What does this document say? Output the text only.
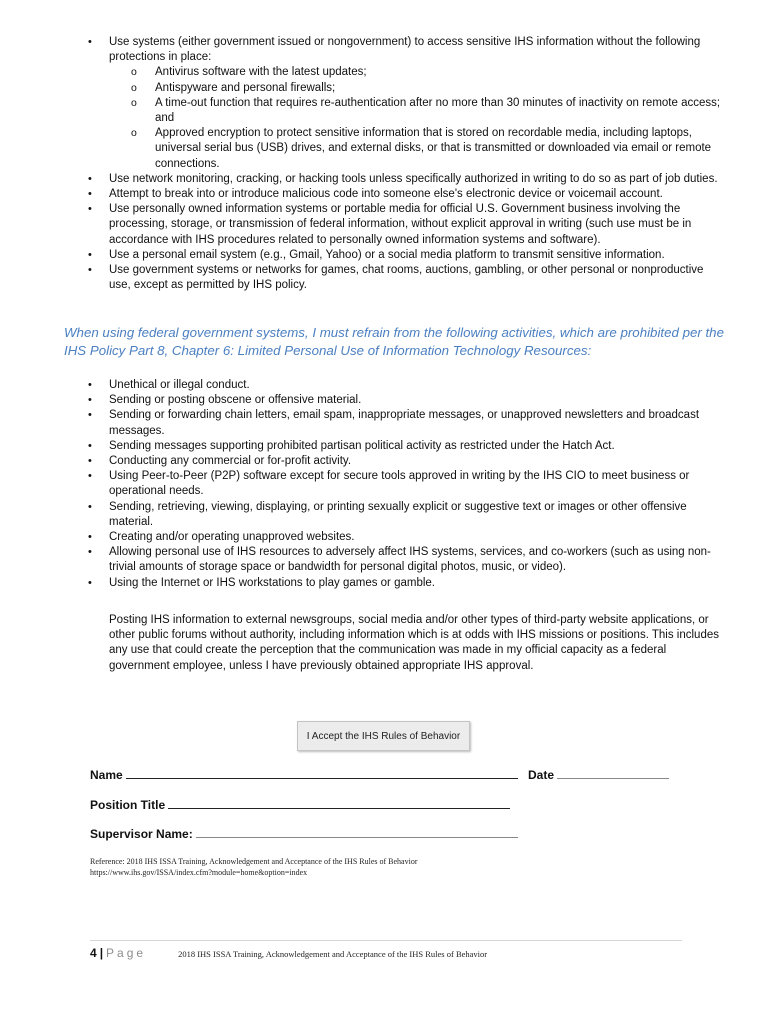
• Use systems (either government issued or nongovernment) to access sensitive IHS information without the following protections in place:
o Antivirus software with the latest updates;
o Antispyware and personal firewalls;
o A time-out function that requires re-authentication after no more than 30 minutes of inactivity on remote access; and
o Approved encryption to protect sensitive information that is stored on recordable media, including laptops, universal serial bus (USB) drives, and external disks, or that is transmitted or downloaded via email or remote connections.
• Use network monitoring, cracking, or hacking tools unless specifically authorized in writing to do so as part of job duties.
• Attempt to break into or introduce malicious code into someone else's electronic device or voicemail account.
• Use personally owned information systems or portable media for official U.S. Government business involving the processing, storage, or transmission of federal information, without explicit approval in writing (such use must be in accordance with IHS procedures related to personally owned information systems and software).
• Use a personal email system (e.g., Gmail, Yahoo) or a social media platform to transmit sensitive information.
• Use government systems or networks for games, chat rooms, auctions, gambling, or other personal or nonproductive use, except as permitted by IHS policy.
When using federal government systems, I must refrain from the following activities, which are prohibited per the IHS Policy Part 8, Chapter 6: Limited Personal Use of Information Technology Resources:
• Unethical or illegal conduct.
• Sending or posting obscene or offensive material.
• Sending or forwarding chain letters, email spam, inappropriate messages, or unapproved newsletters and broadcast messages.
• Sending messages supporting prohibited partisan political activity as restricted under the Hatch Act.
• Conducting any commercial or for-profit activity.
• Using Peer-to-Peer (P2P) software except for secure tools approved in writing by the IHS CIO to meet business or operational needs.
• Sending, retrieving, viewing, displaying, or printing sexually explicit or suggestive text or images or other offensive material.
• Creating and/or operating unapproved websites.
• Allowing personal use of IHS resources to adversely affect IHS systems, services, and co-workers (such as using non-trivial amounts of storage space or bandwidth for personal digital photos, music, or video).
• Using the Internet or IHS workstations to play games or gamble.
Posting IHS information to external newsgroups, social media and/or other types of third-party website applications, or other public forums without authority, including information which is at odds with IHS missions or positions. This includes any use that could create the perception that the communication was made in my official capacity as a federal government employee, unless I have previously obtained appropriate IHS approval.
I Accept the IHS Rules of Behavior
Name	Date
Position Title
Supervisor Name:
Reference: 2018 IHS ISSA Training, Acknowledgement and Acceptance of the IHS Rules of Behavior
https://www.ihs.gov/ISSA/index.cfm?module=home&option=index
4 | Page	2018 IHS ISSA Training, Acknowledgement and Acceptance of the IHS Rules of Behavior
